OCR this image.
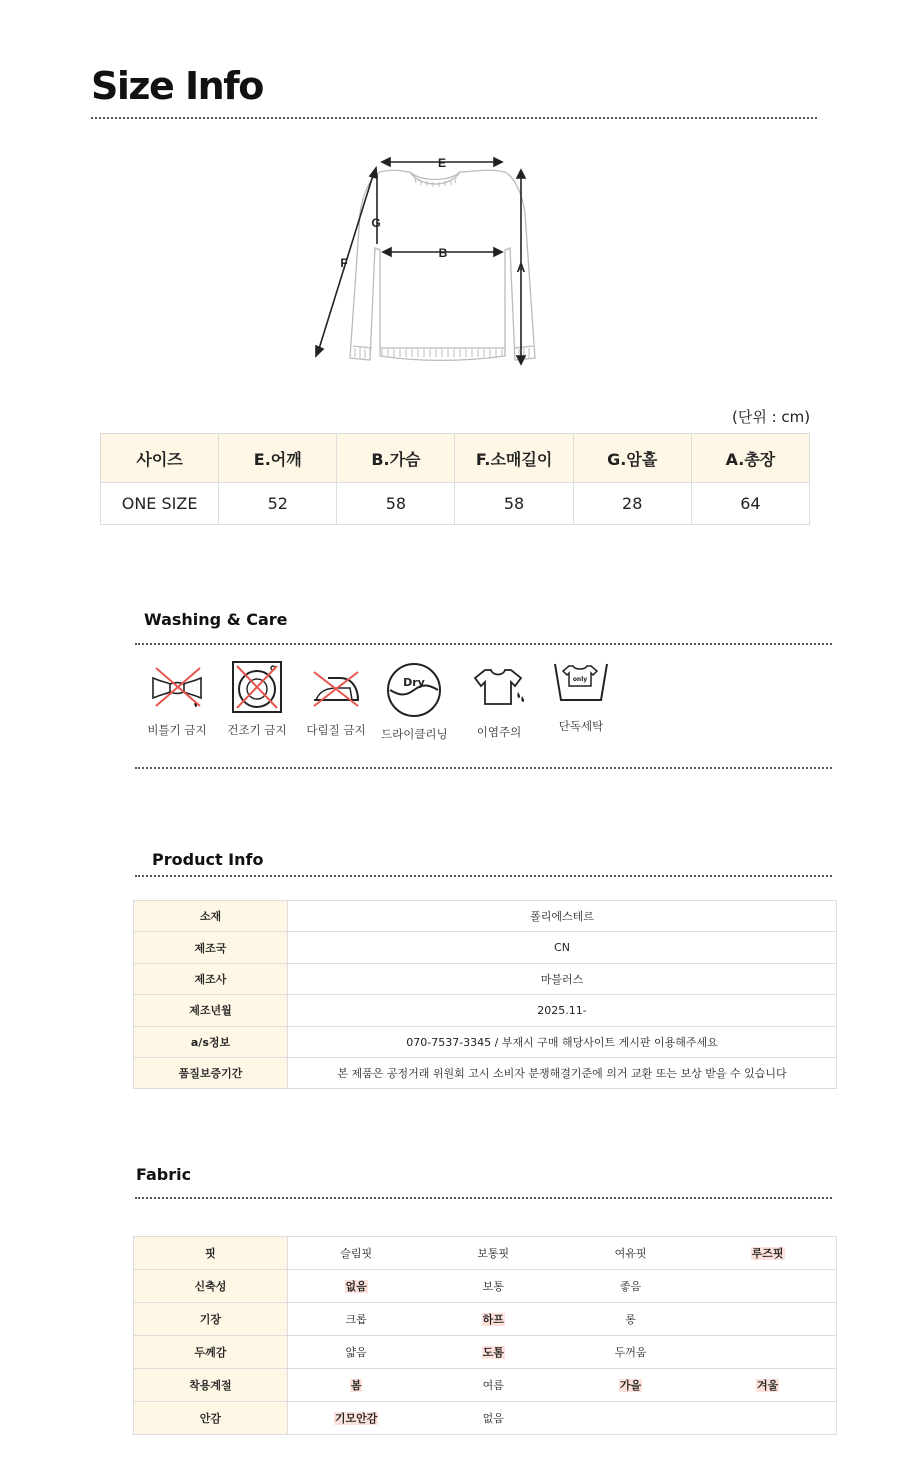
Size Info
E
G
B
F	A
(단위 : cm)
사이즈	E.어깨	B.가슴	F.소매길이	G.암홀	A.총장
ONE SIZE	52	58	58	28	64
Washing & Care
비틀기 금지 건조기 금지 다림질 금지
Dry
드라이클리닝	이염주의
only
단독세탁
Product Info
소재	폴리에스테르
제조국	CN
제조사	마블러스
제조년월	2025.11-
a/s정보	070-7537-3345 / 부재시 구매 해당사이트 게시판 이용해주세요
품질보증기간	본 제품은 공정거래 위원회 고시 소비자 분쟁해결기준에 의거 교환 또는 보상 받을 수 있습니다
Fabric
핏	슬림핏	보통핏	여유핏	루즈핏
신축성	없음	보통	좋음	
기장	크롭	하프	롱	
두께감	얇음	도톰	두꺼움	
착용계절	봄	여름	가을	겨울
안감	기모안감	없음		
